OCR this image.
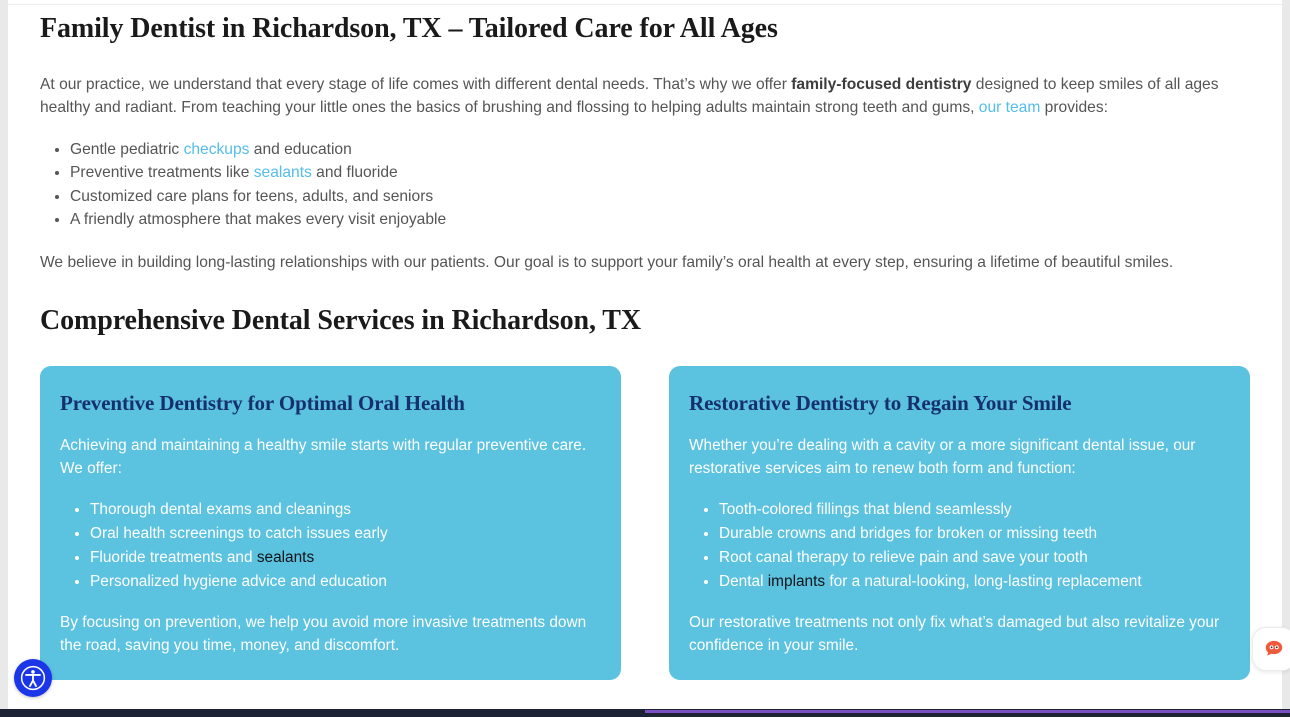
Family Dentist in Richardson, TX – Tailored Care for All Ages

At our practice, we understand that every stage of life comes with different dental needs. That’s why we offer family-focused dentistry designed to keep smiles of all ages healthy and radiant. From teaching your little ones the basics of brushing and flossing to helping adults maintain strong teeth and gums, our team provides:

• Gentle pediatric checkups and education
• Preventive treatments like sealants and fluoride
• Customized care plans for teens, adults, and seniors
• A friendly atmosphere that makes every visit enjoyable

We believe in building long-lasting relationships with our patients. Our goal is to support your family’s oral health at every step, ensuring a lifetime of beautiful smiles.

Comprehensive Dental Services in Richardson, TX
Preventive Dentistry for Optimal Oral Health

Achieving and maintaining a healthy smile starts with regular preventive care. We offer:

• Thorough dental exams and cleanings
• Oral health screenings to catch issues early
• Fluoride treatments and sealants
• Personalized hygiene advice and education

By focusing on prevention, we help you avoid more invasive treatments down the road, saving you time, money, and discomfort.

Restorative Dentistry to Regain Your Smile

Whether you’re dealing with a cavity or a more significant dental issue, our restorative services aim to renew both form and function:

• Tooth-colored fillings that blend seamlessly
• Durable crowns and bridges for broken or missing teeth
• Root canal therapy to relieve pain and save your tooth
• Dental implants for a natural-looking, long-lasting replacement

Our restorative treatments not only fix what’s damaged but also revitalize your confidence in your smile.
